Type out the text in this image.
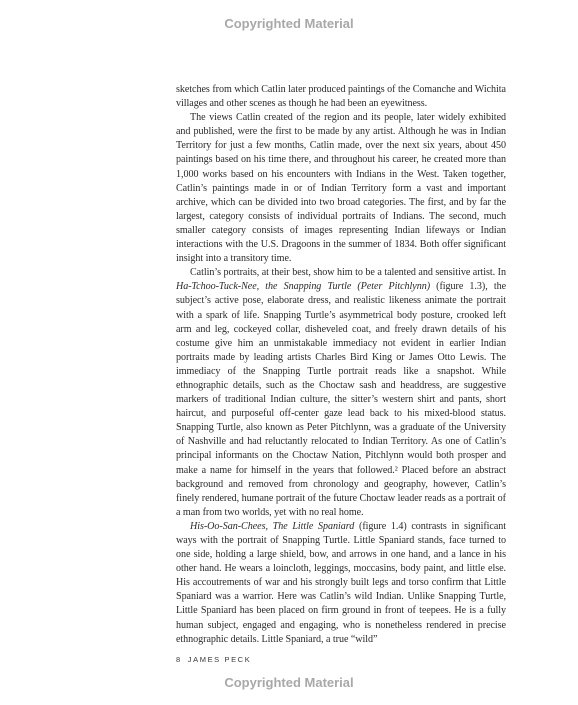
Copyrighted Material

sketches from which Catlin later produced paintings of the Comanche and Wichita villages and other scenes as though he had been an eyewitness.

The views Catlin created of the region and its people, later widely exhibited and published, were the first to be made by any artist. Although he was in Indian Territory for just a few months, Catlin made, over the next six years, about 450 paintings based on his time there, and throughout his career, he created more than 1,000 works based on his encounters with Indians in the West. Taken together, Catlin’s paintings made in or of Indian Territory form a vast and important archive, which can be divided into two broad categories. The first, and by far the largest, category consists of individual portraits of Indians. The second, much smaller category consists of images representing Indian lifeways or Indian interactions with the U.S. Dragoons in the summer of 1834. Both offer significant insight into a transitory time.

Catlin’s portraits, at their best, show him to be a talented and sensitive artist. In Ha-Tchoo-Tuck-Nee, the Snapping Turtle (Peter Pitchlynn) (figure 1.3), the subject’s active pose, elaborate dress, and realistic likeness animate the portrait with a spark of life. Snapping Turtle’s asymmetrical body posture, crooked left arm and leg, cockeyed collar, disheveled coat, and freely drawn details of his costume give him an unmistakable immediacy not evident in earlier Indian portraits made by leading artists Charles Bird King or James Otto Lewis. The immediacy of the Snapping Turtle portrait reads like a snapshot. While ethnographic details, such as the Choctaw sash and headdress, are suggestive markers of traditional Indian culture, the sitter’s western shirt and pants, short haircut, and purposeful off-center gaze lead back to his mixed-blood status. Snapping Turtle, also known as Peter Pitchlynn, was a graduate of the University of Nashville and had reluctantly relocated to Indian Territory. As one of Catlin’s principal informants on the Choctaw Nation, Pitchlynn would both prosper and make a name for himself in the years that followed.² Placed before an abstract background and removed from chronology and geography, however, Catlin’s finely rendered, humane portrait of the future Choctaw leader reads as a portrait of a man from two worlds, yet with no real home.

His-Oo-San-Chees, The Little Spaniard (figure 1.4) contrasts in significant ways with the portrait of Snapping Turtle. Little Spaniard stands, face turned to one side, holding a large shield, bow, and arrows in one hand, and a lance in his other hand. He wears a loincloth, leggings, moccasins, body paint, and little else. His accoutrements of war and his strongly built legs and torso confirm that Little Spaniard was a warrior. Here was Catlin’s wild Indian. Unlike Snapping Turtle, Little Spaniard has been placed on firm ground in front of teepees. He is a fully human subject, engaged and engaging, who is nonetheless rendered in precise ethnographic details. Little Spaniard, a true “wild”

8 JAMES PECK
Copyrighted Material
